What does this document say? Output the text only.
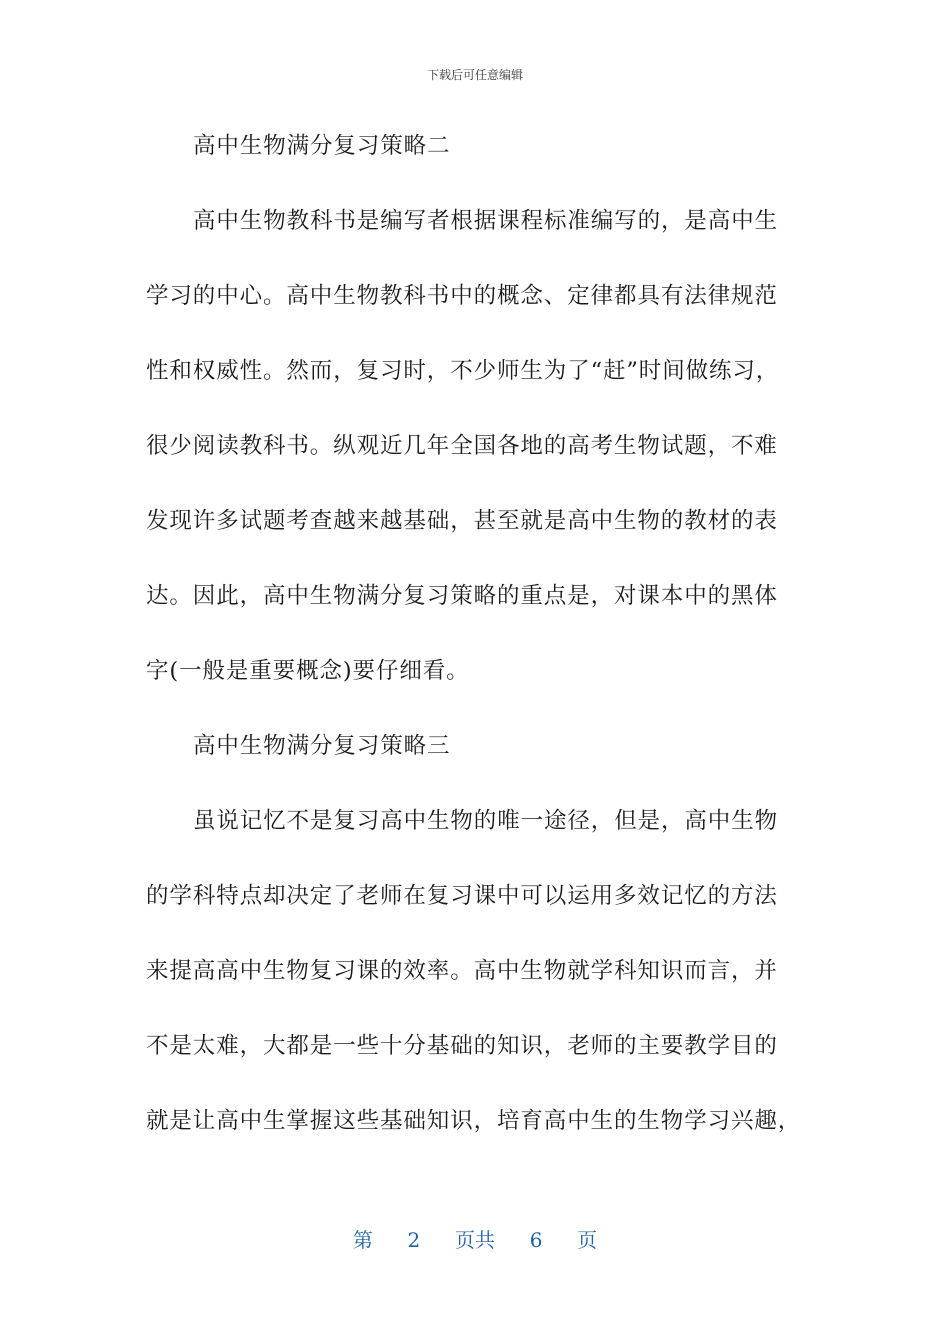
下载后可任意编辑
高中生物满分复习策略二
高中生物教科书是编写者根据课程标准编写的，是高中生
学习的中心。高中生物教科书中的概念、定律都具有法律规范
性和权威性。然而，复习时，不少师生为了“赶”时间做练习，
很少阅读教科书。纵观近几年全国各地的高考生物试题，不难
发现许多试题考查越来越基础，甚至就是高中生物的教材的表
达。因此，高中生物满分复习策略的重点是，对课本中的黑体
字(一般是重要概念)要仔细看。
高中生物满分复习策略三
虽说记忆不是复习高中生物的唯一途径，但是，高中生物
的学科特点却决定了老师在复习课中可以运用多效记忆的方法
来提高高中生物复习课的效率。高中生物就学科知识而言，并
不是太难，大都是一些十分基础的知识，老师的主要教学目的
就是让高中生掌握这些基础知识，培育高中生的生物学习兴趣，
第 2 页共 6 页
